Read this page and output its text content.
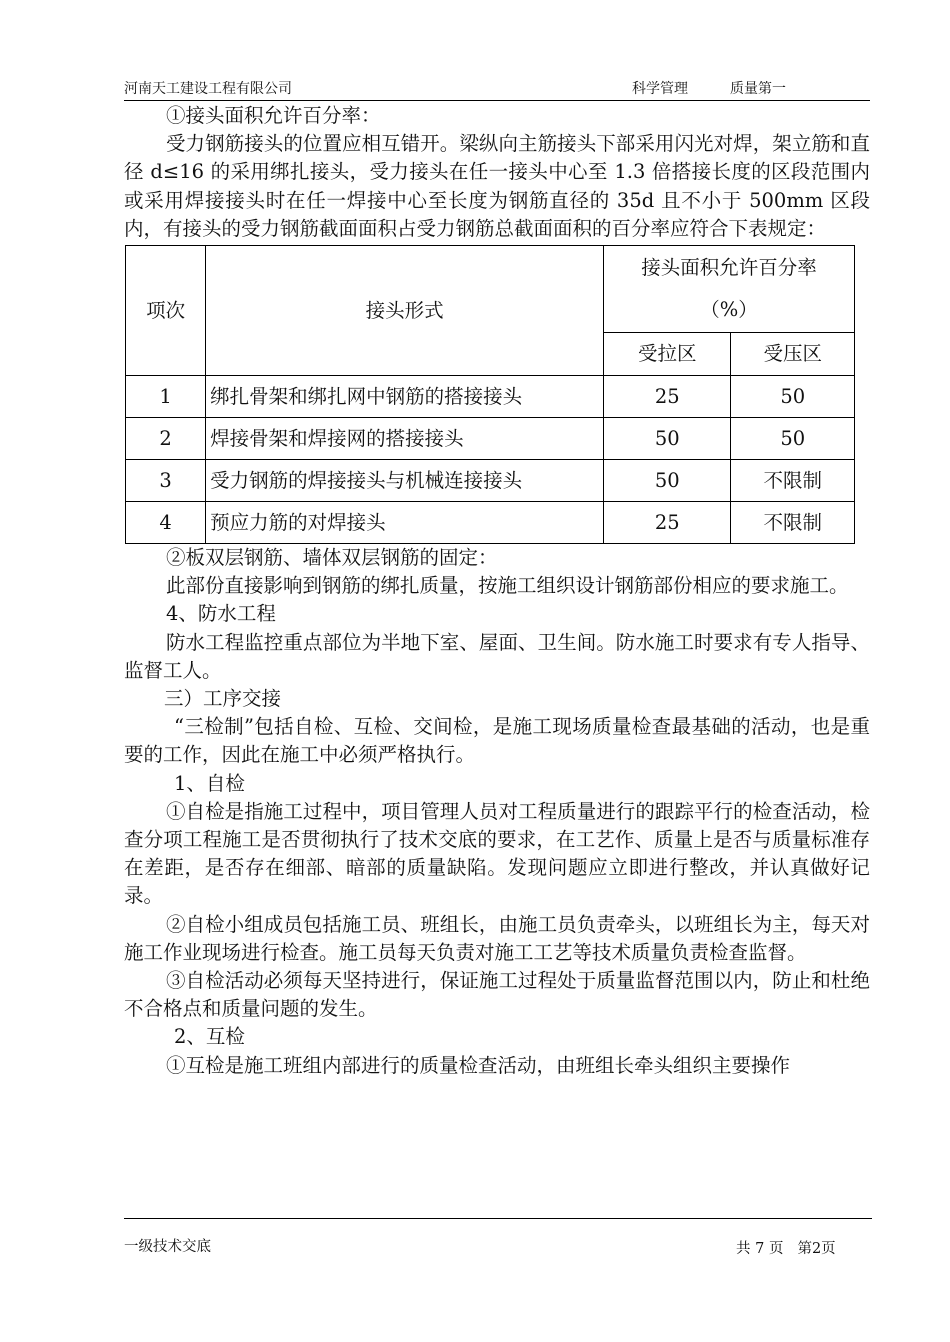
河南天工建设工程有限公司	科学管理	质量第一

①接头面积允许百分率：

受力钢筋接头的位置应相互错开。梁纵向主筋接头下部采用闪光对焊，架立筋和直径 d≤16 的采用绑扎接头，受力接头在任一接头中心至 1.3 倍搭接长度的区段范围内或采用焊接接头时在任一焊接中心至长度为钢筋直径的 35d 且不小于 500mm 区段内，有接头的受力钢筋截面面积占受力钢筋总截面面积的百分率应符合下表规定：

项次	接头形式	接头面积允许百分率
（%）	

		受拉区	受压区
1	绑扎骨架和绑扎网中钢筋的搭接接头	25	50
2	焊接骨架和焊接网的搭接接头	50	50
3	受力钢筋的焊接接头与机械连接接头	50	不限制
4	预应力筋的对焊接头	25	不限制

②板双层钢筋、墙体双层钢筋的固定：

此部份直接影响到钢筋的绑扎质量，按施工组织设计钢筋部份相应的要求施工。

4、防水工程

防水工程监控重点部位为半地下室、屋面、卫生间。防水施工时要求有专人指导、监督工人。

三）工序交接

“三检制”包括自检、互检、交间检，是施工现场质量检查最基础的活动，也是重要的工作，因此在施工中必须严格执行。

1、自检

①自检是指施工过程中，项目管理人员对工程质量进行的跟踪平行的检查活动，检查分项工程施工是否贯彻执行了技术交底的要求，在工艺作、质量上是否与质量标准存在差距，是否存在细部、暗部的质量缺陷。发现问题应立即进行整改，并认真做好记录。

②自检小组成员包括施工员、班组长，由施工员负责牵头，以班组长为主，每天对施工作业现场进行检查。施工员每天负责对施工工艺等技术质量负责检查监督。

③自检活动必须每天坚持进行，保证施工过程处于质量监督范围以内，防止和杜绝不合格点和质量问题的发生。

2、互检

①互检是施工班组内部进行的质量检查活动，由班组长牵头组织主要操作

一级技术交底	共 7 页 第2页
